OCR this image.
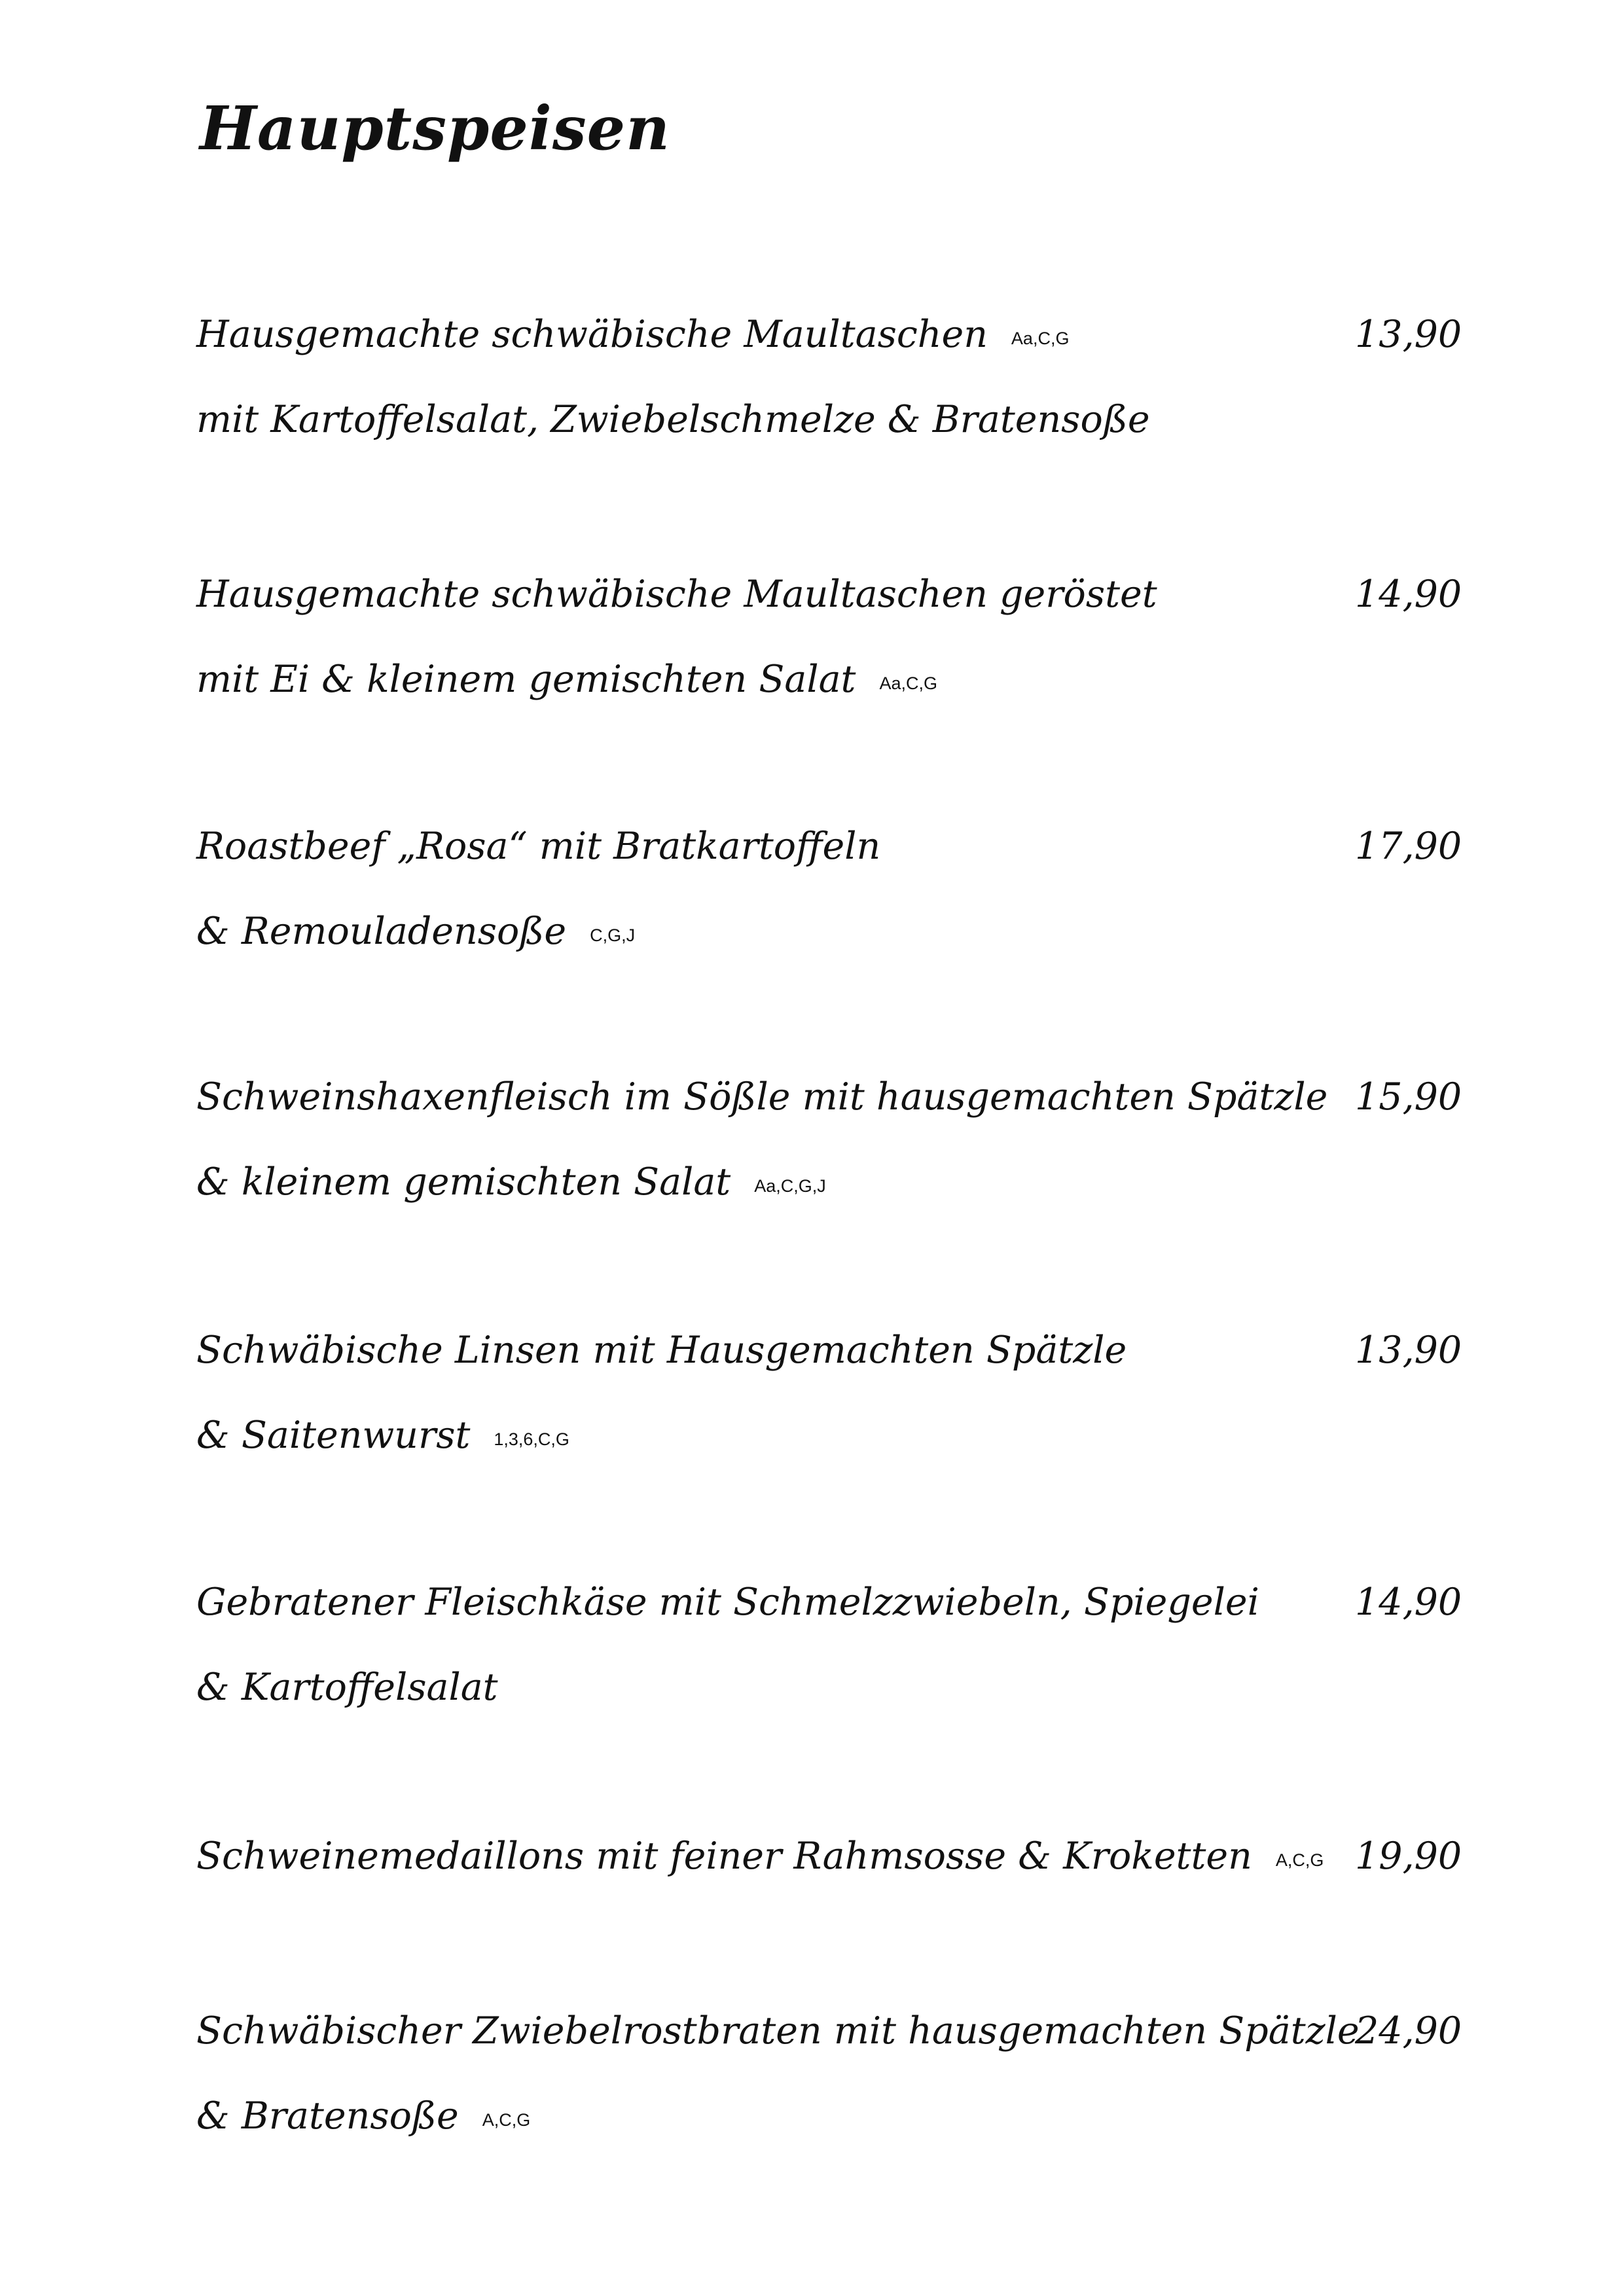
Hauptspeisen
Hausgemachte schwäbische Maultaschen Aa,C,G
mit Kartoffelsalat, Zwiebelschmelze & Bratensoße
13,90
Hausgemachte schwäbische Maultaschen geröstet
mit Ei & kleinem gemischten Salat Aa,C,G
14,90
Roastbeef „Rosa“ mit Bratkartoffeln
& Remouladensoße C,G,J
17,90
Schweinshaxenfleisch im Sößle mit hausgemachten Spätzle
& kleinem gemischten Salat Aa,C,G,J
15,90
Schwäbische Linsen mit Hausgemachten Spätzle
& Saitenwurst 1,3,6,C,G
13,90
Gebratener Fleischkäse mit Schmelzzwiebeln, Spiegelei
& Kartoffelsalat
14,90
Schweinemedaillons mit feiner Rahmsosse & Kroketten A,C,G 19,90
Schwäbischer Zwiebelrostbraten mit hausgemachten Spätzle
& Bratensoße A,C,G
24,90
